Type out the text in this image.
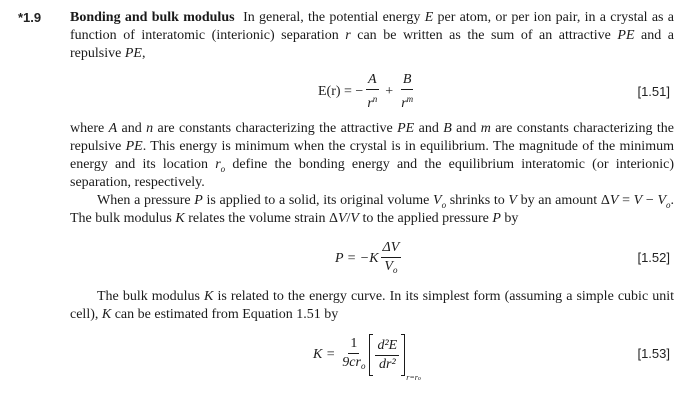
*1.9 Bonding and bulk modulus In general, the potential energy E per atom, or per ion pair, in a crystal as a function of interatomic (interionic) separation r can be written as the sum of an attractive PE and a repulsive PE,
E(r) = − $\frac{A}{r^n} + \frac{B}{r^m}$	[1.51]
where A and n are constants characterizing the attractive PE and B and m are constants characterizing the repulsive PE. This energy is minimum when the crystal is in equilibrium. The magnitude of the minimum energy and its location $r_o$ define the bonding energy and the equilibrium interatomic (or interionic) separation, respectively.
When a pressure P is applied to a solid, its original volume $V_o$ shrinks to V by an amount $\Delta V = V - V_o$. The bulk modulus K relates the volume strain ΔV/V to the applied pressure P by
$P = -K \frac{\Delta V}{V_o}$	[1.52]
The bulk modulus K is related to the energy curve. In its simplest form (assuming a simple cubic unit cell), K can be estimated from Equation 1.51 by
$K = \frac{1}{9cr_o} \frac{\text{d²E}}{\text{dr²}}$
r=ro
[1.53]
